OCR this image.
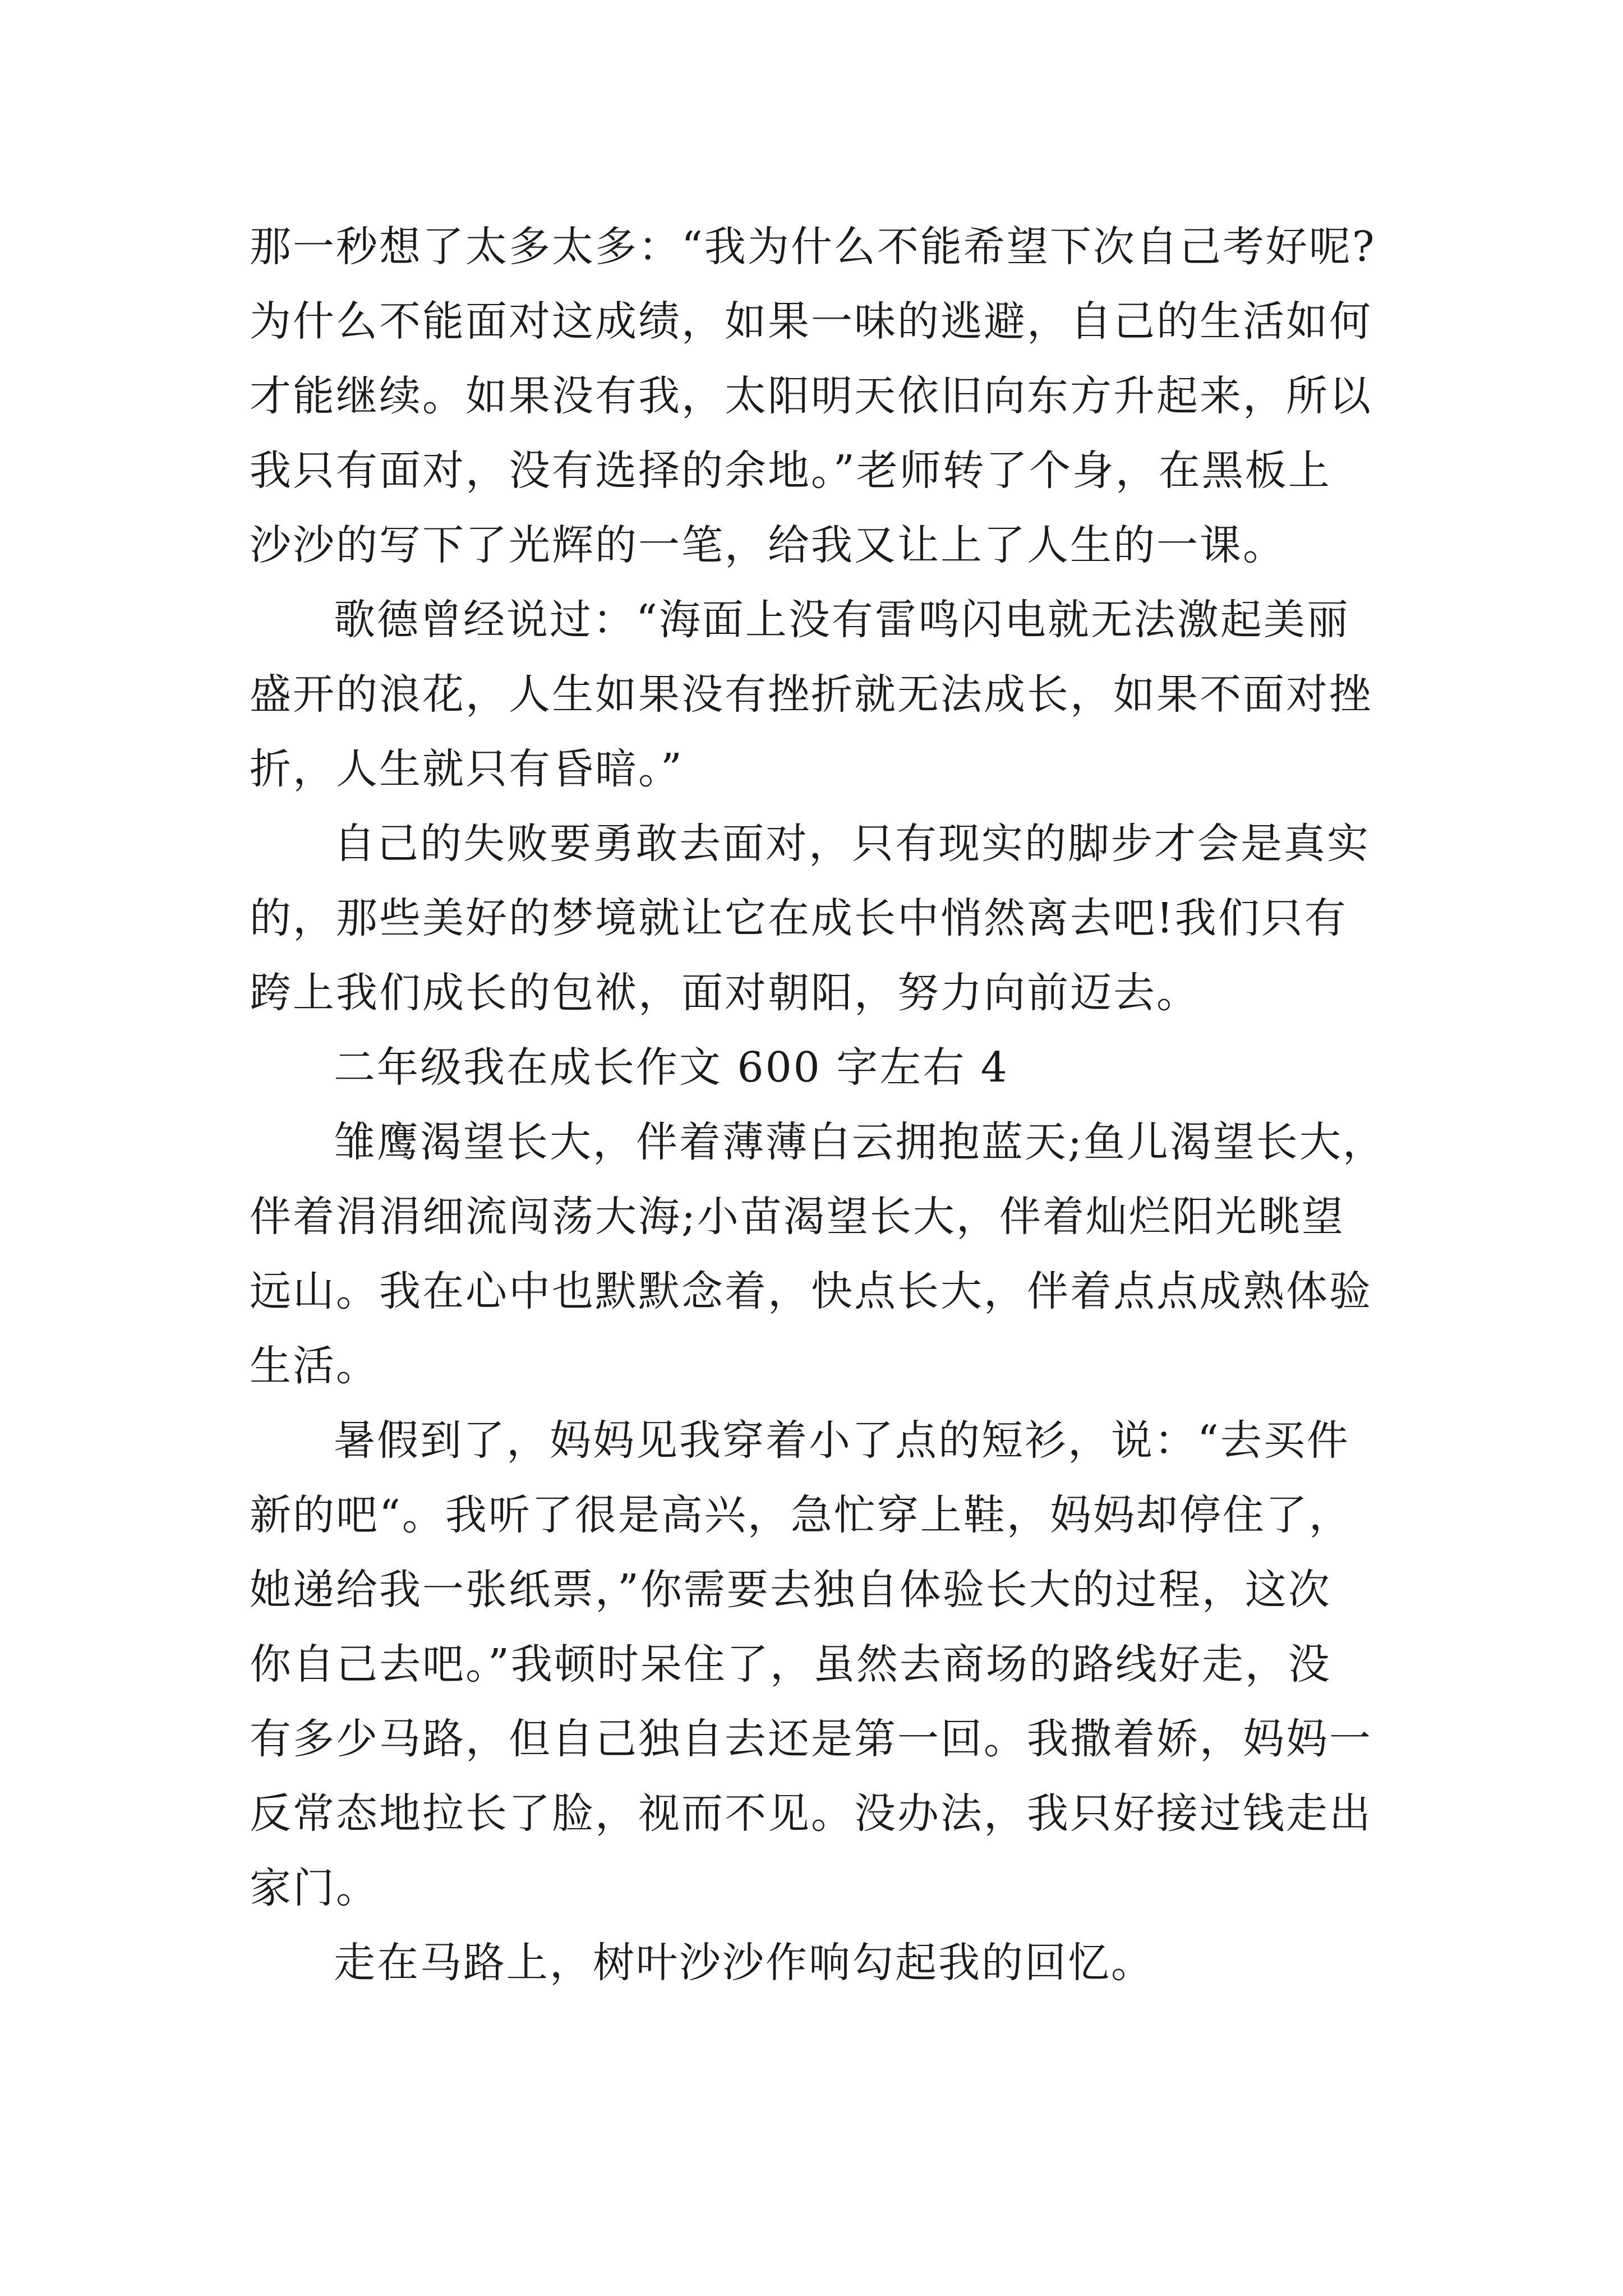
那一秒想了太多太多：“我为什么不能希望下次自己考好呢?

为什么不能面对这成绩，如果一味的逃避，自己的生活如何

才能继续。如果没有我，太阳明天依旧向东方升起来，所以

我只有面对，没有选择的余地。”老师转了个身，在黑板上

沙沙的写下了光辉的一笔，给我又让上了人生的一课。

歌德曾经说过：“海面上没有雷鸣闪电就无法激起美丽

盛开的浪花，人生如果没有挫折就无法成长，如果不面对挫

折，人生就只有昏暗。”

自己的失败要勇敢去面对，只有现实的脚步才会是真实

的，那些美好的梦境就让它在成长中悄然离去吧!我们只有

跨上我们成长的包袱，面对朝阳，努力向前迈去。

二年级我在成长作文 600 字左右 4

雏鹰渴望长大，伴着薄薄白云拥抱蓝天;鱼儿渴望长大，

伴着涓涓细流闯荡大海;小苗渴望长大，伴着灿烂阳光眺望

远山。我在心中也默默念着，快点长大，伴着点点成熟体验

生活。

暑假到了，妈妈见我穿着小了点的短衫，说：“去买件

新的吧“。我听了很是高兴，急忙穿上鞋，妈妈却停住了，

她递给我一张纸票，”你需要去独自体验长大的过程，这次

你自己去吧。”我顿时呆住了，虽然去商场的路线好走，没

有多少马路，但自己独自去还是第一回。我撒着娇，妈妈一

反常态地拉长了脸，视而不见。没办法，我只好接过钱走出

家门。

走在马路上，树叶沙沙作响勾起我的回忆。
